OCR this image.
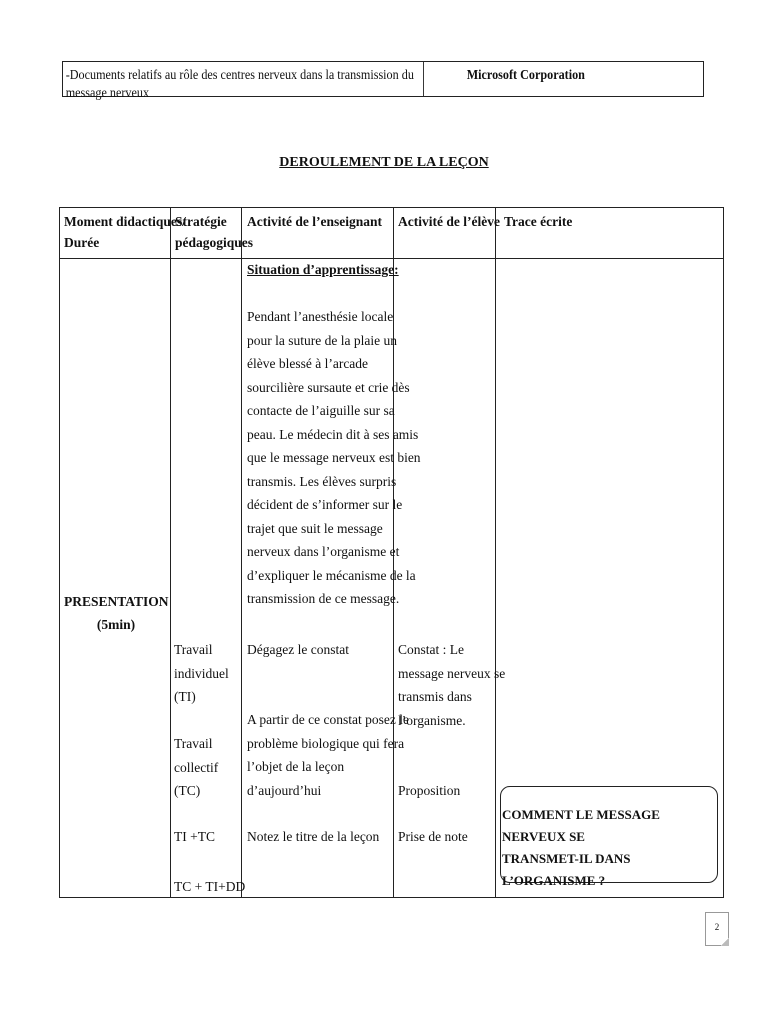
-Documents relatifs au rôle des centres nerveux dans la transmission du message nerveux
Microsoft Corporation
DEROULEMENT DE LA LEÇON
Moment didactiques/
Durée
Stratégie
pédagogiques
Activité de l’enseignant Activité de l’élève Trace écrite
PRESENTATION
(5min)
Situation d’apprentissage:
Pendant l’anesthésie locale
pour la suture de la plaie un
élève blessé à l’arcade
sourcilière sursaute et crie dès
contacte de l’aiguille sur sa
peau. Le médecin dit à ses amis
que le message nerveux est bien
transmis. Les élèves surpris
décident de s’informer sur le
trajet que suit le message
nerveux dans l’organisme et
d’expliquer le mécanisme de la
transmission de ce message.
Travail
individuel
(TI)
Travail
collectif
(TC)
TI +TC
TC + TI+DD
Dégagez le constat
A partir de ce constat posez le
problème biologique qui fera
l’objet de la leçon
d’aujourd’hui
Notez le titre de la leçon
Constat : Le
message nerveux se
transmis dans
l’organisme.
Proposition
Prise de note
COMMENT LE MESSAGE NERVEUX SE
TRANSMET-IL DANS L’ORGANISME ?
2
